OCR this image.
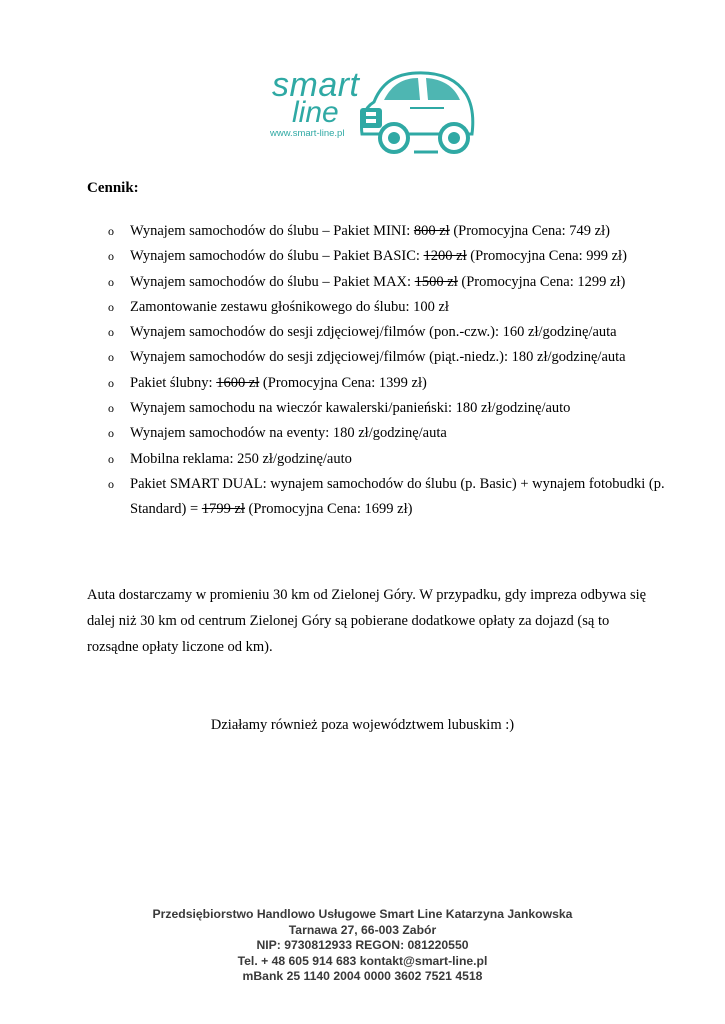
smart
line
www.smart-line.pl
Cennik:
o Wynajem samochodów do ślubu – Pakiet MINI: 800 zł (Promocyjna Cena: 749 zł)
o Wynajem samochodów do ślubu – Pakiet BASIC: 1200 zł (Promocyjna Cena: 999 zł)
o Wynajem samochodów do ślubu – Pakiet MAX: 1500 zł (Promocyjna Cena: 1299 zł)
o Zamontowanie zestawu głośnikowego do ślubu: 100 zł
o Wynajem samochodów do sesji zdjęciowej/filmów (pon.-czw.): 160 zł/godzinę/auta
o Wynajem samochodów do sesji zdjęciowej/filmów (piąt.-niedz.): 180 zł/godzinę/auta
o Pakiet ślubny: 1600 zł (Promocyjna Cena: 1399 zł)
o Wynajem samochodu na wieczór kawalerski/panieński: 180 zł/godzinę/auto
o Wynajem samochodów na eventy: 180 zł/godzinę/auta
o Mobilna reklama: 250 zł/godzinę/auto
o Pakiet SMART DUAL: wynajem samochodów do ślubu (p. Basic) + wynajem fotobudki (p. Standard) = 1799 zł (Promocyjna Cena: 1699 zł)
Auta dostarczamy w promieniu 30 km od Zielonej Góry. W przypadku, gdy impreza odbywa się dalej niż 30 km od centrum Zielonej Góry są pobierane dodatkowe opłaty za dojazd (są to rozsądne opłaty liczone od km).
Działamy również poza województwem lubuskim :)
Przedsiębiorstwo Handlowo Usługowe Smart Line Katarzyna Jankowska
Tarnawa 27, 66-003 Zabór
NIP: 9730812933 REGON: 081220550
Tel. + 48 605 914 683 kontakt@smart-line.pl
mBank 25 1140 2004 0000 3602 7521 4518
